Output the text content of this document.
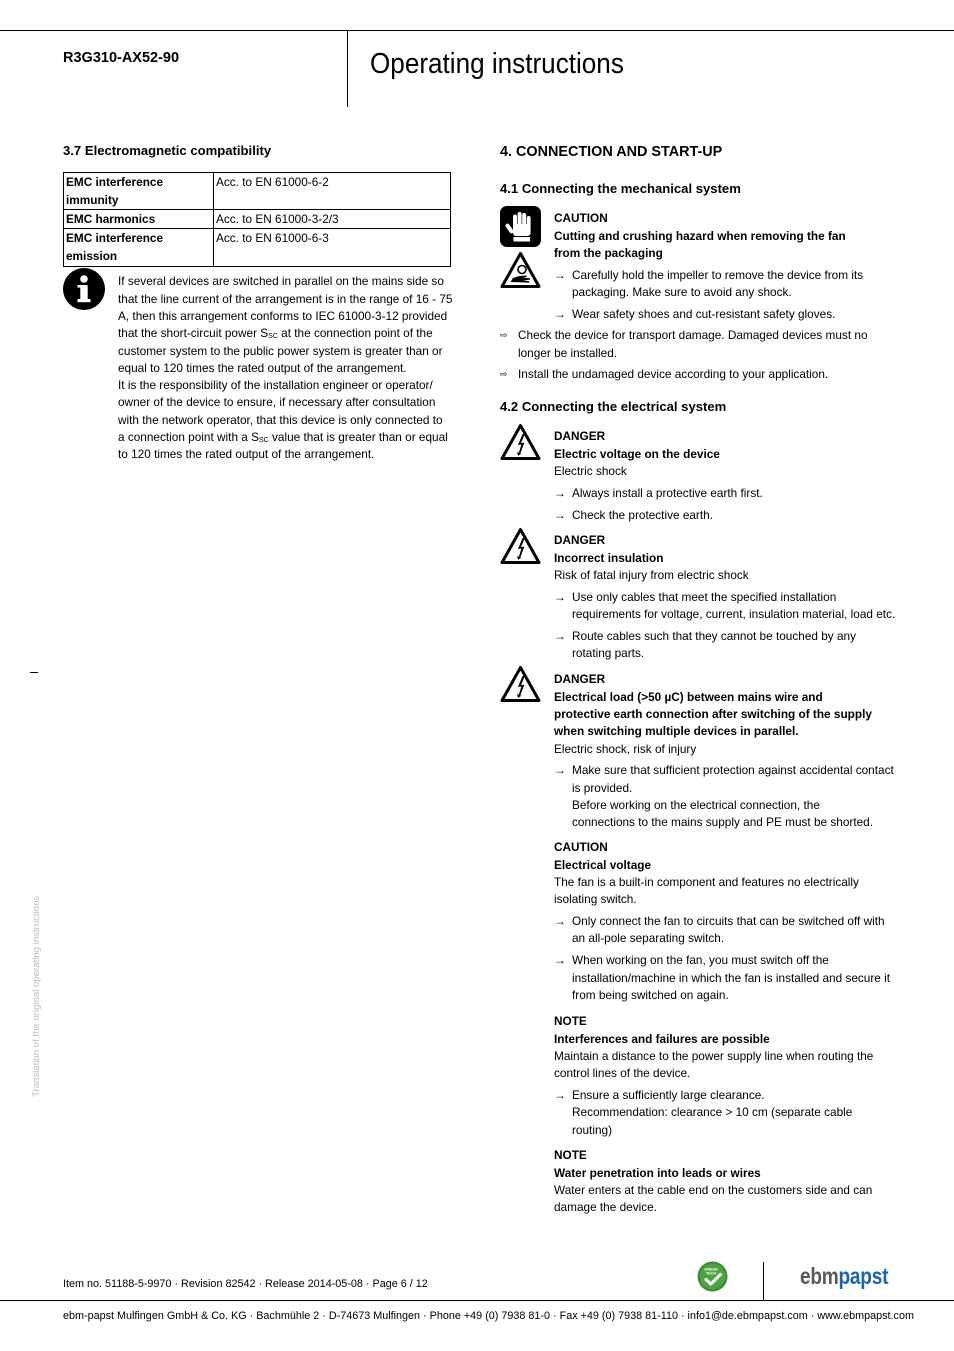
R3G310-AX52-90	Operating instructions
Translation of the original operating instructions
3.7 Electromagnetic compatibility
EMC interference
immunity	Acc. to EN 61000-6-2

EMC harmonics	Acc. to EN 61000-3-2/3

EMC interference
emission	Acc. to EN 61000-6-3
If several devices are switched in parallel on the mains side so
that the line current of the arrangement is in the range of 16 - 75
A, then this arrangement conforms to IEC 61000-3-12 provided
that the short-circuit power $S_{SC}$ at the connection point of the
customer system to the public power system is greater than or
equal to 120 times the rated output of the arrangement.
It is the responsibility of the installation engineer or operator/
owner of the device to ensure, if necessary after consultation
with the network operator, that this device is only connected to
a connection point with a $S_{SC}$ value that is greater than or equal
to 120 times the rated output of the arrangement.
4. CONNECTION AND START-UP
4.1 Connecting the mechanical system
CAUTION
Cutting and crushing hazard when removing the fan
from the packaging
→ Carefully hold the impeller to remove the device from its
packaging. Make sure to avoid any shock.
→ Wear safety shoes and cut-resistant safety gloves.
⇨ Check the device for transport damage. Damaged devices must no
longer be installed.
⇨ Install the undamaged device according to your application.
4.2 Connecting the electrical system
DANGER
Electric voltage on the device
Electric shock
→ Always install a protective earth first.
→ Check the protective earth.
DANGER
Incorrect insulation
Risk of fatal injury from electric shock
→ Use only cables that meet the specified installation
requirements for voltage, current, insulation material, load etc.
→ Route cables such that they cannot be touched by any
rotating parts.
DANGER
Electrical load (>50 µC) between mains wire and
protective earth connection after switching of the supply
when switching multiple devices in parallel.
Electric shock, risk of injury
→ Make sure that sufficient protection against accidental contact
is provided.
Before working on the electrical connection, the
connections to the mains supply and PE must be shorted.
CAUTION
Electrical voltage
The fan is a built-in component and features no electrically
isolating switch.
→ Only connect the fan to circuits that can be switched off with
an all-pole separating switch.
→ When working on the fan, you must switch off the
installation/machine in which the fan is installed and secure it
from being switched on again.
NOTE
Interferences and failures are possible
Maintain a distance to the power supply line when routing the
control lines of the device.
→ Ensure a sufficiently large clearance.
Recommendation: clearance > 10 cm (separate cable
routing)
NOTE
Water penetration into leads or wires
Water enters at the cable end on the customers side and can
damage the device.
Item no. 51188-5-9970 · Revision 82542 · Release 2014-05-08 · Page 6 / 12
GREEN
TECH	ebmpapst
ebm-papst Mulfingen GmbH & Co. KG · Bachmühle 2 · D-74673 Mulfingen · Phone +49 (0) 7938 81-0 · Fax +49 (0) 7938 81-110 · info1@de.ebmpapst.com · www.ebmpapst.com
